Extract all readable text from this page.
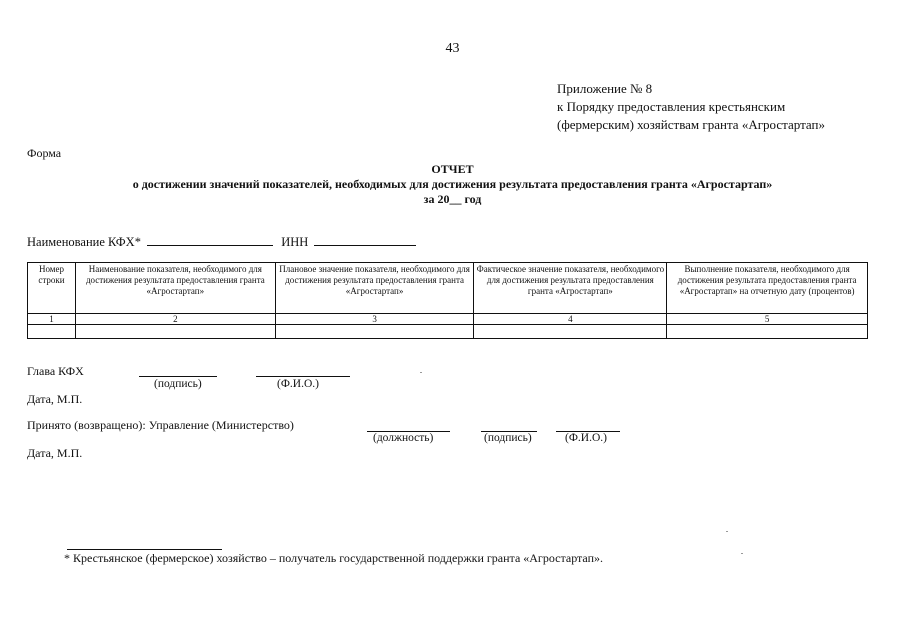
43
Приложение № 8
к Порядку предоставления крестьянским
(фермерским) хозяйствам гранта «Агростартап»
Форма
ОТЧЕТ
о достижении значений показателей, необходимых для достижения результата предоставления гранта «Агростартап»
за 20__ год
Наименование КФХ*	ИНН
Номер строки	Наименование показателя, необходимого для достижения результата предоставления гранта «Агростартап»	Плановое значение показателя, необходимого для достижения результата предоставления гранта «Агростартап»	Фактическое значение показателя, необходимого для достижения результата предоставления гранта «Агростартап»	Выполнение показателя, необходимого для достижения результата предоставления гранта «Агростартап» на отчетную дату (процентов)
1	2	3	4	5

Глава КФХ
(подпись)	(Ф.И.О.)
Дата, М.П.
Принято (возвращено): Управление (Министерство)
(должность)	(подпись)	(Ф.И.О.)
Дата, М.П.
* Крестьянское (фермерское) хозяйство – получатель государственной поддержки гранта «Агростартап».
